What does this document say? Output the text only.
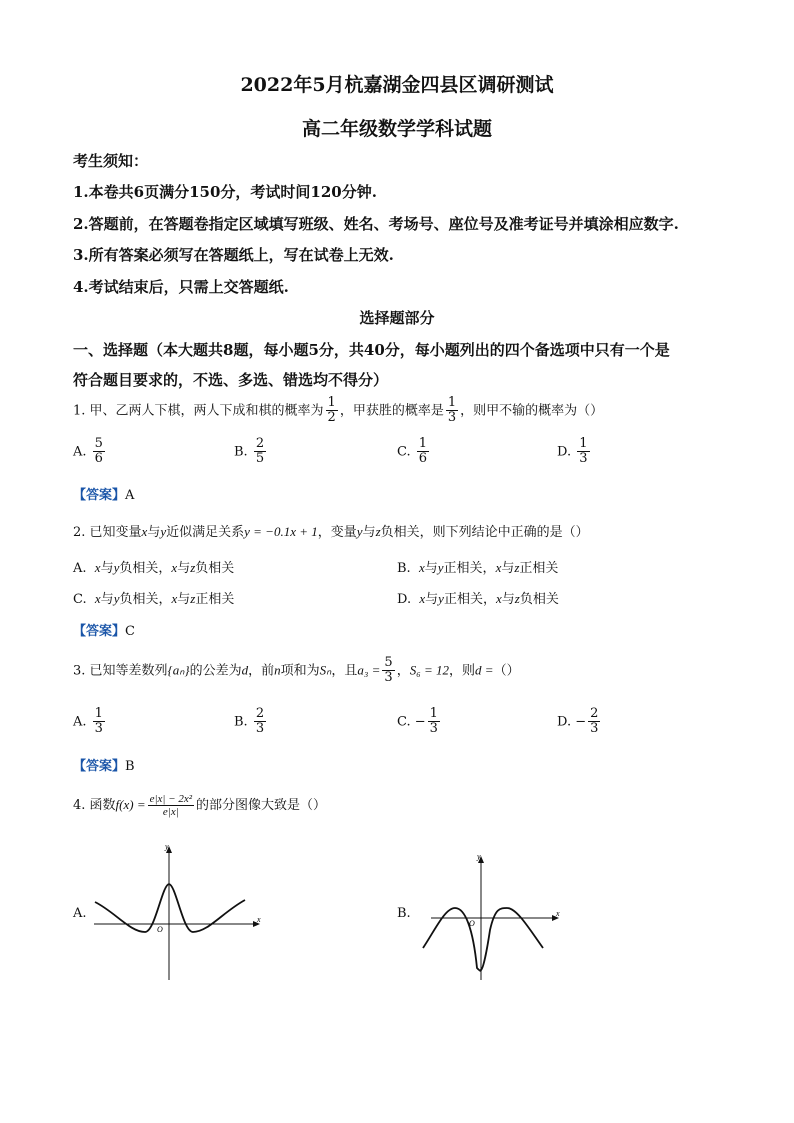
2022年5月杭嘉湖金四县区调研测试
高二年级数学学科试题
考生须知：
1.本卷共6页满分150分，考试时间120分钟.
2.答题前，在答题卷指定区域填写班级、姓名、考场号、座位号及准考证号并填涂相应数字.
3.所有答案必须写在答题纸上，写在试卷上无效.
4.考试结束后，只需上交答题纸.
选择题部分
一、选择题（本大题共8题，每小题5分，共40分，每小题列出的四个备选项中只有一个是
符合题目要求的，不选、多选、错选均不得分）
1. 甲、乙两人下棋，两人下成和棋的概率为 $\frac{1}{2}$ ，甲获胜的概率是 $\frac{1}{3}$ ，则甲不输的概率为（）
A. $\frac{5}{6}$	B. $\frac{2}{5}$	C. $\frac{1}{6}$	D. $\frac{1}{3}$
【答案】A
2. 已知变量x与y近似满足关系y = −0.1x + 1，变量y与z负相关，则下列结论中正确的是（）
A. x与y负相关，x与z负相关	B. x与y正相关，x与z正相关
C. x与y负相关，x与z正相关	D. x与y正相关，x与z负相关
【答案】C
3. 已知等差数列{aₙ}的公差为d，前n项和为Sₙ，且$a_3 = \frac{5}{3}$ ，S₆ = 12，则d =（）
A. $\frac{1}{3}$	B. $\frac{2}{3}$	C. − $\frac{1}{3}$	D. − $\frac{2}{3}$
【答案】B
4. 函数$f(x) = \frac{\text{e|x| − 2x²}}{e|x|}$ 的部分图像大致是（）
A.	B.
x
y
O
x
y
O
